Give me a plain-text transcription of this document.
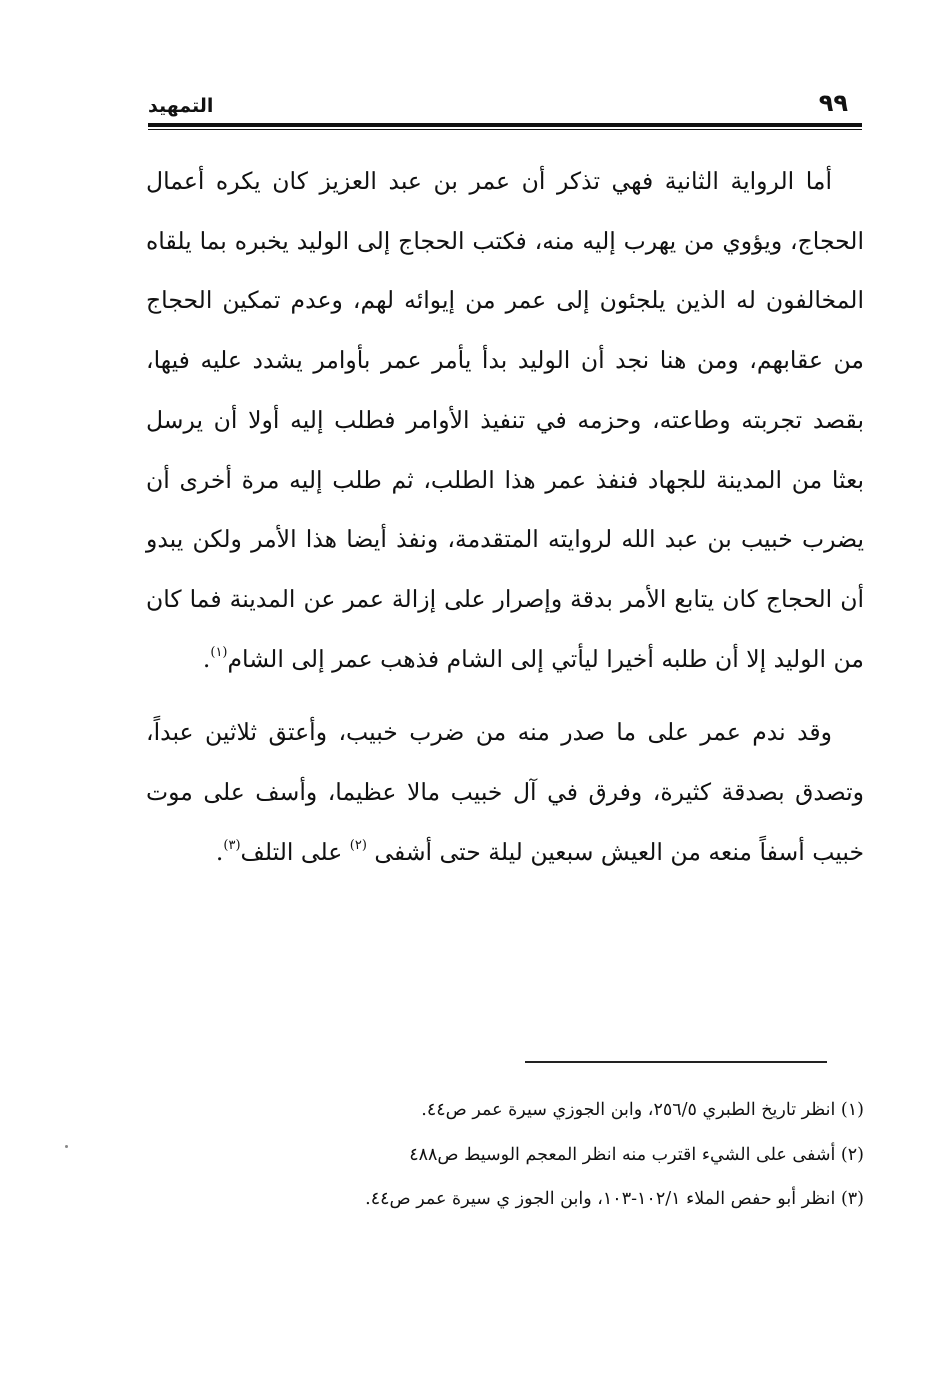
٩٩
التمهيد

أما الرواية الثانية فهي تذكر أن عمر بن عبد العزيز كان يكره أعمال الحجاج، ويؤوي من يهرب إليه منه، فكتب الحجاج إلى الوليد يخبره بما يلقاه المخالفون له الذين يلجئون إلى عمر من إيوائه لهم، وعدم تمكين الحجاج من عقابهم، ومن هنا نجد أن الوليد بدأ يأمر عمر بأوامر يشدد عليه فيها، بقصد تجربته وطاعته، وحزمه في تنفيذ الأوامر فطلب إليه أولا أن يرسل بعثا من المدينة للجهاد فنفذ عمر هذا الطلب، ثم طلب إليه مرة أخرى أن يضرب خبيب بن عبد الله لروايته المتقدمة، ونفذ أيضا هذا الأمر ولكن يبدو أن الحجاج كان يتابع الأمر بدقة وإصرار على إزالة عمر عن المدينة فما كان من الوليد إلا أن طلبه أخيرا ليأتي إلى الشام فذهب عمر إلى الشام$^{(١)}$.

وقد ندم عمر على ما صدر منه من ضرب خبيب، وأعتق ثلاثين عبداً، وتصدق بصدقة كثيرة، وفرق في آل خبيب مالا عظيما، وأسف على موت خبيب أسفاً منعه من العيش سبعين ليلة حتى أشفى $^{(٢)}$ على التلف$^{(٣)}$.

(١) انظر تاريخ الطبري ٢٥٦/٥، وابن الجوزي سيرة عمر ص٤٤.

(٢) أشفى على الشيء اقترب منه انظر المعجم الوسيط ص٤٨٨

(٣) انظر أبو حفص الملاء ١٠٢/١-١٠٣، وابن الجوز ي سيرة عمر ص٤٤.
